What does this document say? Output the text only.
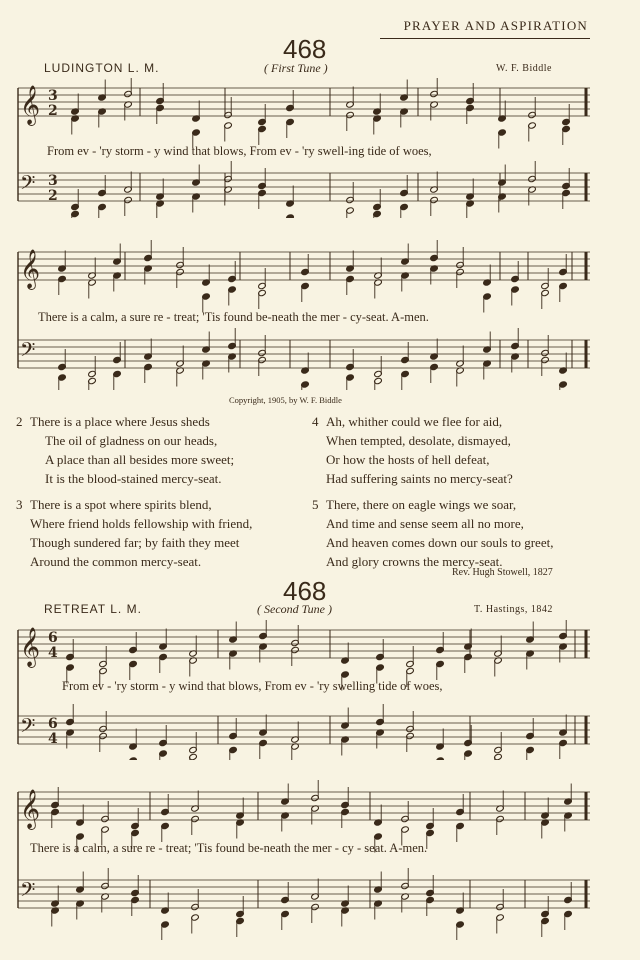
PRAYER AND ASPIRATION
468
LUDINGTON L. M.	( First Tune )	W. F. Biddle
𝄞 3
2
𝄢 3
2
From ev - 'ry storm - y wind that blows, From ev - 'ry swell-ing tide of woes,
𝄞
𝄢
There is a calm, a sure re - treat; 'Tis found be-neath the mer - cy-seat. A-men.
Copyright, 1905, by W. F. Biddle
2 There is a place where Jesus sheds
The oil of gladness on our heads,
A place than all besides more sweet;
It is the blood-stained mercy-seat.
4 Ah, whither could we flee for aid,
When tempted, desolate, dismayed,
Or how the hosts of hell defeat,
Had suffering saints no mercy-seat?
3 There is a spot where spirits blend,
Where friend holds fellowship with friend,
Though sundered far; by faith they meet
Around the common mercy-seat.
5 There, there on eagle wings we soar,
And time and sense seem all no more,
And heaven comes down our souls to greet,
And glory crowns the mercy-seat.
Rev. Hugh Stowell, 1827
468
RETREAT L. M.	( Second Tune )	T. Hastings, 1842
𝄞 6
4
𝄢 6
4
From ev - 'ry storm - y wind that blows, From ev - 'ry swelling tide of woes,
𝄞
𝄢
There is a calm, a sure re - treat; 'Tis found be-neath the mer - cy - seat. A-men.
